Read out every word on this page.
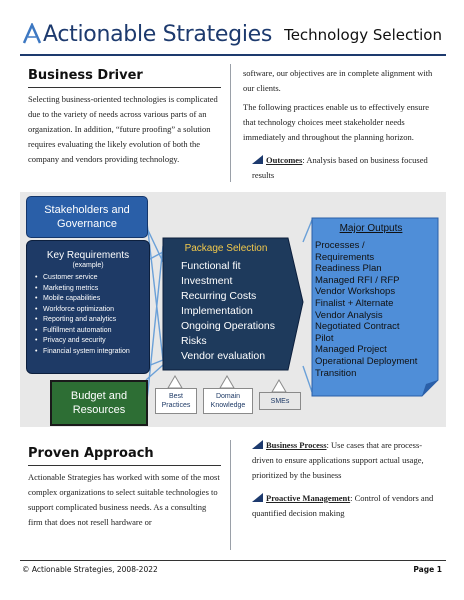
Actionable Strategies Technology Selection
Business Driver
Selecting business-oriented technologies is complicated due to the variety of needs across various parts of an organization. In addition, “future proofing” a solution requires evaluating the likely evolution of both the company and vendors providing technology.
software, our objectives are in complete alignment with our clients.
The following practices enable us to effectively ensure that technology choices meet stakeholder needs immediately and throughout the planning horizon.
Outcomes: Analysis based on business focused results
Stakeholders and Governance
Key Requirements
(example)
• Customer service
• Marketing metrics
• Mobile capabilities
• Workforce optimization
• Reporting and analytics
• Fulfillment automation
• Privacy and security
• Financial system integration
Budget and Resources
Package Selection
Functional fit
Investment
Recurring Costs
Implementation
Ongoing Operations
Risks
Vendor evaluation
Major Outputs
Processes /
Requirements
Readiness Plan
Managed RFI / RFP
Vendor Workshops
Finalist + Alternate
Vendor Analysis
Negotiated Contract
Pilot
Managed Project
Operational Deployment
Transition
Best Practices
Domain Knowledge
SMEs
Proven Approach
Actionable Strategies has worked with some of the most complex organizations to select suitable technologies to support complicated business needs. As a consulting firm that does not resell hardware or
Business Process: Use cases that are process-driven to ensure applications support actual usage, prioritized by the business
Proactive Management: Control of vendors and quantified decision making
© Actionable Strategies, 2008-2022	Page 1
